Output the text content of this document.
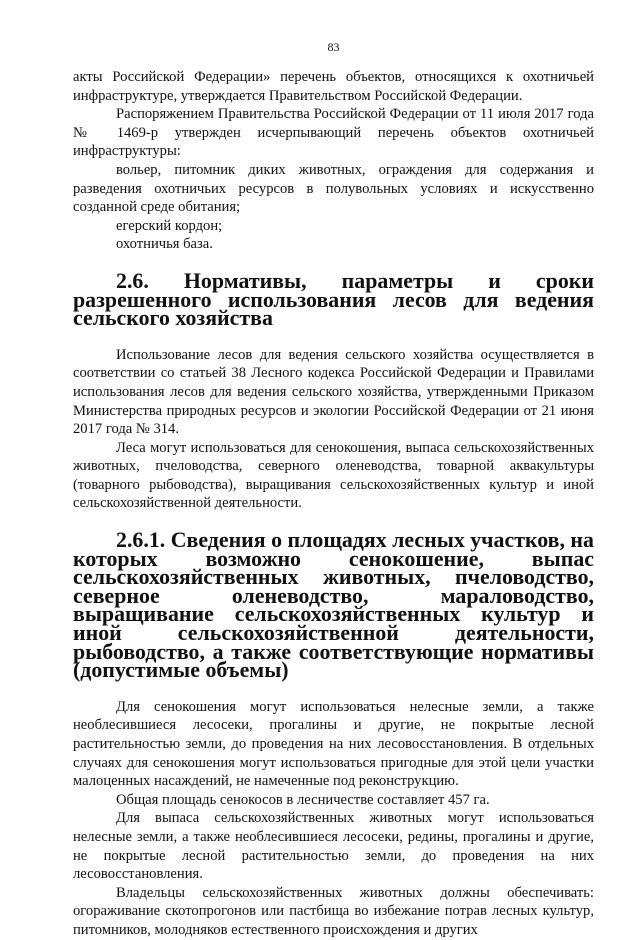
83

акты Российской Федерации» перечень объектов, относящихся к охотничьей инфраструктуре, утверждается Правительством Российской Федерации.

Распоряжением Правительства Российской Федерации от 11 июля 2017 года № 1469-р утвержден исчерпывающий перечень объектов охотничьей инфраструктуры:

вольер, питомник диких животных, ограждения для содержания и разведения охотничьих ресурсов в полувольных условиях и искусственно созданной среде обитания;

егерский кордон;

охотничья база.

2.6. Нормативы, параметры и сроки разрешенного использования лесов для ведения сельского хозяйства

Использование лесов для ведения сельского хозяйства осуществляется в соответствии со статьей 38 Лесного кодекса Российской Федерации и Правилами использования лесов для ведения сельского хозяйства, утвержденными Приказом Министерства природных ресурсов и экологии Российской Федерации от 21 июня 2017 года № 314.

Леса могут использоваться для сенокошения, выпаса сельскохозяйственных животных, пчеловодства, северного оленеводства, товарной аквакультуры (товарного рыбоводства), выращивания сельскохозяйственных культур и иной сельскохозяйственной деятельности.

2.6.1. Сведения о площадях лесных участков, на которых возможно сенокошение, выпас сельскохозяйственных животных, пчеловодство, северное оленеводство, мараловодство, выращивание сельскохозяйственных культур и иной сельскохозяйственной деятельности, рыбоводство, а также соответствующие нормативы (допустимые объемы)

Для сенокошения могут использоваться нелесные земли, а также необлесившиеся лесосеки, прогалины и другие, не покрытые лесной растительностью земли, до проведения на них лесовосстановления. В отдельных случаях для сенокошения могут использоваться пригодные для этой цели участки малоценных насаждений, не намеченные под реконструкцию.

Общая площадь сенокосов в лесничестве составляет 457 га.

Для выпаса сельскохозяйственных животных могут использоваться нелесные земли, а также необлесившиеся лесосеки, редины, прогалины и другие, не покрытые лесной растительностью земли, до проведения на них лесовосстановления.

Владельцы сельскохозяйственных животных должны обеспечивать: огораживание скотопрогонов или пастбища во избежание потрав лесных культур, питомников, молодняков естественного происхождения и других
